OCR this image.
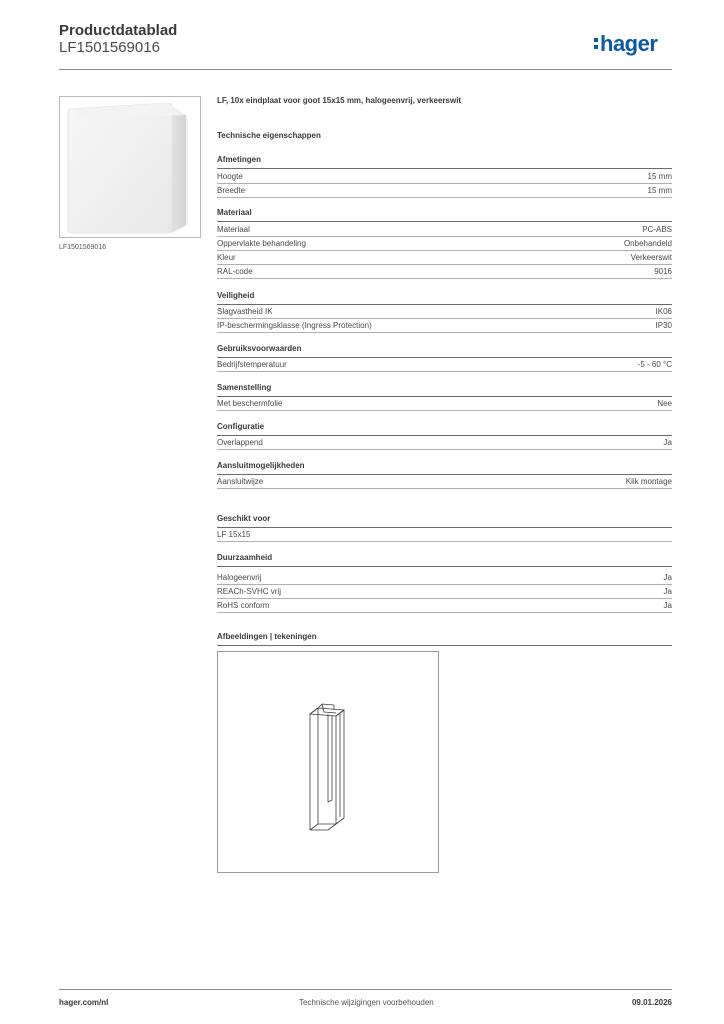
Productdatablad
LF1501569016	hager
LF1501569016
LF, 10x eindplaat voor goot 15x15 mm, halogeenvrij, verkeerswit
Technische eigenschappen
Afmetingen
Hoogte	15 mm
Breedte	15 mm
Materiaal
Materiaal	PC-ABS
Oppervlakte behandeling	Onbehandeld
Kleur	Verkeerswit
RAL-code	9016
Veiligheid
Slagvastheid IK	IK06
IP-beschermingsklasse (Ingress Protection)	IP30
Gebruiksvoorwaarden
Bedrijfstemperatuur	-5 - 60 °C
Samenstelling
Met beschermfolie	Nee
Configuratie
Overlappend	Ja
Aansluitmogelijkheden
Aansluitwijze	Klik montage
Geschikt voor
LF 15x15
Duurzaamheid
Halogeenvrij	Ja
REACh-SVHC vrij	Ja
RoHS conform	Ja
Afbeeldingen | tekeningen
hager.com/nl	Technische wijzigingen voorbehouden	09.01.2026
